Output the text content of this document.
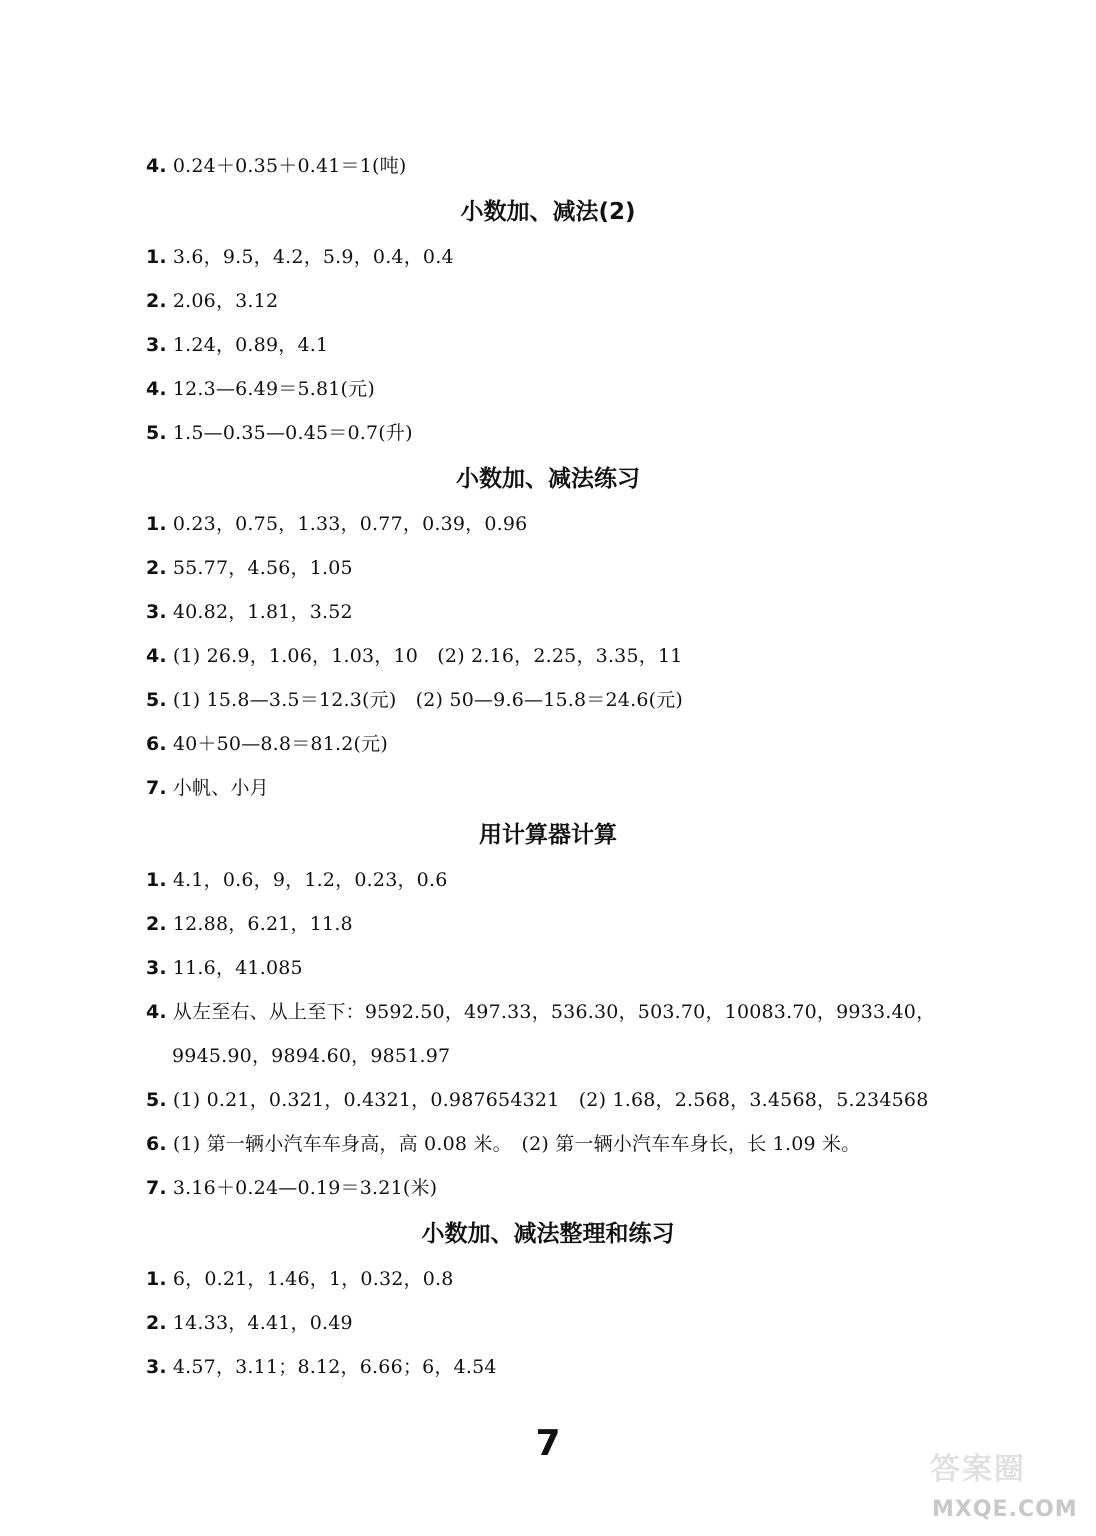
4. 0.24＋0.35＋0.41＝1(吨)
小数加、减法(2)
1. 3.6，9.5，4.2，5.9，0.4，0.4
2. 2.06，3.12
3. 1.24，0.89，4.1
4. 12.3—6.49＝5.81(元)
5. 1.5—0.35—0.45＝0.7(升)
小数加、减法练习
1. 0.23，0.75，1.33，0.77，0.39，0.96
2. 55.77，4.56，1.05
3. 40.82，1.81，3.52
4. (1) 26.9，1.06，1.03，10　(2) 2.16，2.25，3.35，11
5. (1) 15.8—3.5＝12.3(元)　(2) 50—9.6—15.8＝24.6(元)
6. 40＋50—8.8＝81.2(元)
7. 小帆、小月
用计算器计算
1. 4.1，0.6，9，1.2，0.23，0.6
2. 12.88，6.21，11.8
3. 11.6，41.085
4. 从左至右、从上至下：9592.50，497.33，536.30，503.70，10083.70，9933.40，
9945.90，9894.60，9851.97
5. (1) 0.21，0.321，0.4321，0.987654321　(2) 1.68，2.568，3.4568，5.234568
6. (1) 第一辆小汽车车身高，高 0.08 米。　(2) 第一辆小汽车车身长，长 1.09 米。
7. 3.16＋0.24—0.19＝3.21(米)
小数加、减法整理和练习
1. 6，0.21，1.46，1，0.32，0.8
2. 14.33，4.41，0.49
3. 4.57，3.11；8.12，6.66；6，4.54
7
答案圈
MXQE.COM
